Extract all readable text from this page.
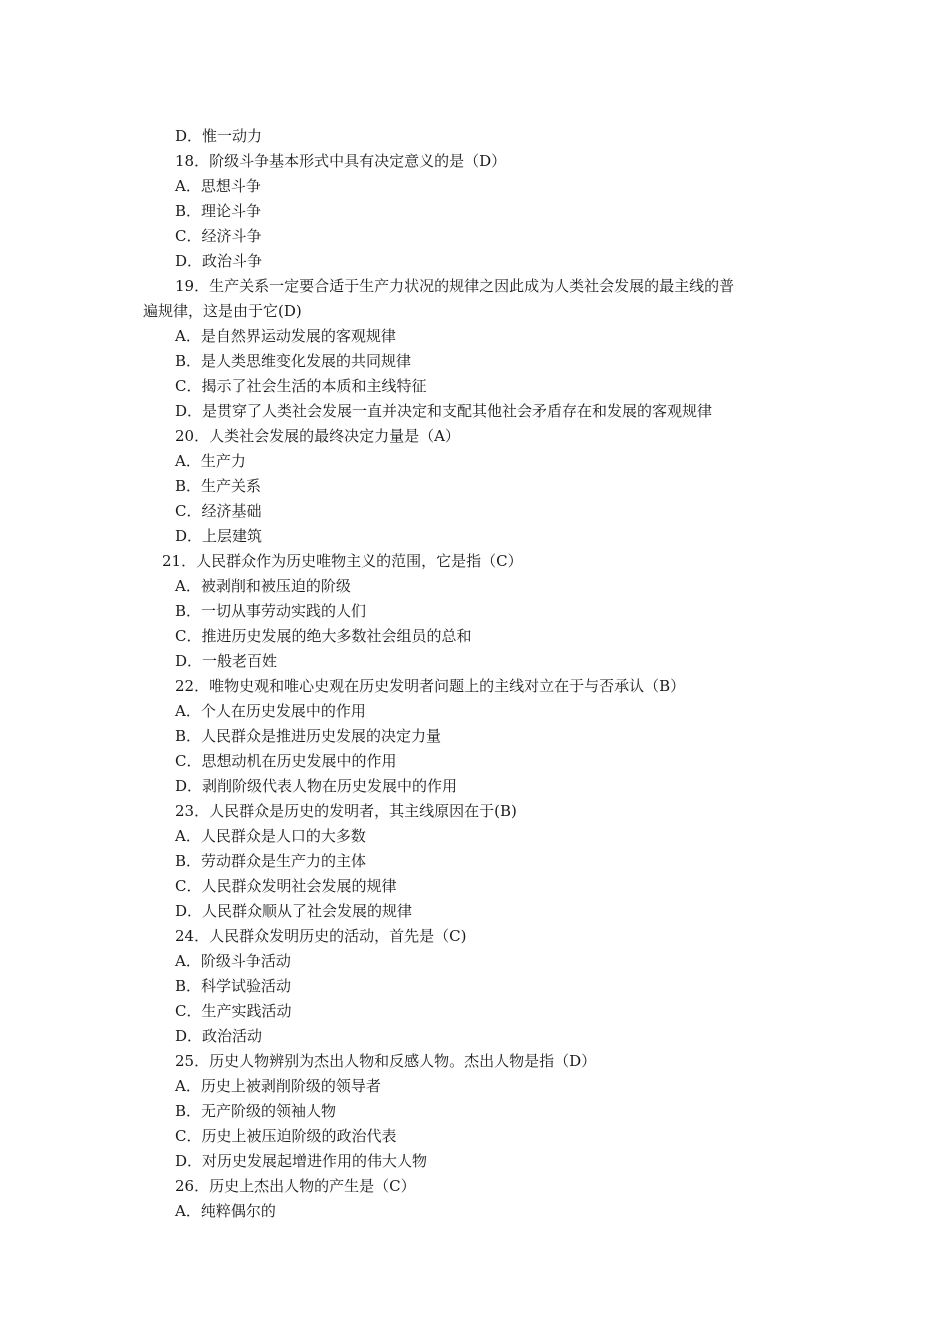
D．惟一动力
18．阶级斗争基本形式中具有决定意义的是（D）
A．思想斗争
B．理论斗争
C．经济斗争
D．政治斗争
19．生产关系一定要合适于生产力状况的规律之因此成为人类社会发展的最主线的普
遍规律，这是由于它(D)
A．是自然界运动发展的客观规律
B．是人类思维变化发展的共同规律
C．揭示了社会生活的本质和主线特征
D．是贯穿了人类社会发展一直并决定和支配其他社会矛盾存在和发展的客观规律
20．人类社会发展的最终决定力量是（A）
A．生产力
B．生产关系
C．经济基础
D．上层建筑
21．人民群众作为历史唯物主义的范围，它是指（C）
A．被剥削和被压迫的阶级
B．一切从事劳动实践的人们
C．推进历史发展的绝大多数社会组员的总和
D．一般老百姓
22．唯物史观和唯心史观在历史发明者问题上的主线对立在于与否承认（B）
A．个人在历史发展中的作用
B．人民群众是推进历史发展的决定力量
C．思想动机在历史发展中的作用
D．剥削阶级代表人物在历史发展中的作用
23．人民群众是历史的发明者，其主线原因在于(B)
A．人民群众是人口的大多数
B．劳动群众是生产力的主体
C．人民群众发明社会发展的规律
D．人民群众顺从了社会发展的规律
24．人民群众发明历史的活动，首先是（C)
A．阶级斗争活动
B．科学试验活动
C．生产实践活动
D．政治活动
25．历史人物辨别为杰出人物和反感人物。杰出人物是指（D）
A．历史上被剥削阶级的领导者
B．无产阶级的领袖人物
C．历史上被压迫阶级的政治代表
D．对历史发展起增进作用的伟大人物
26．历史上杰出人物的产生是（C）
A．纯粹偶尔的
